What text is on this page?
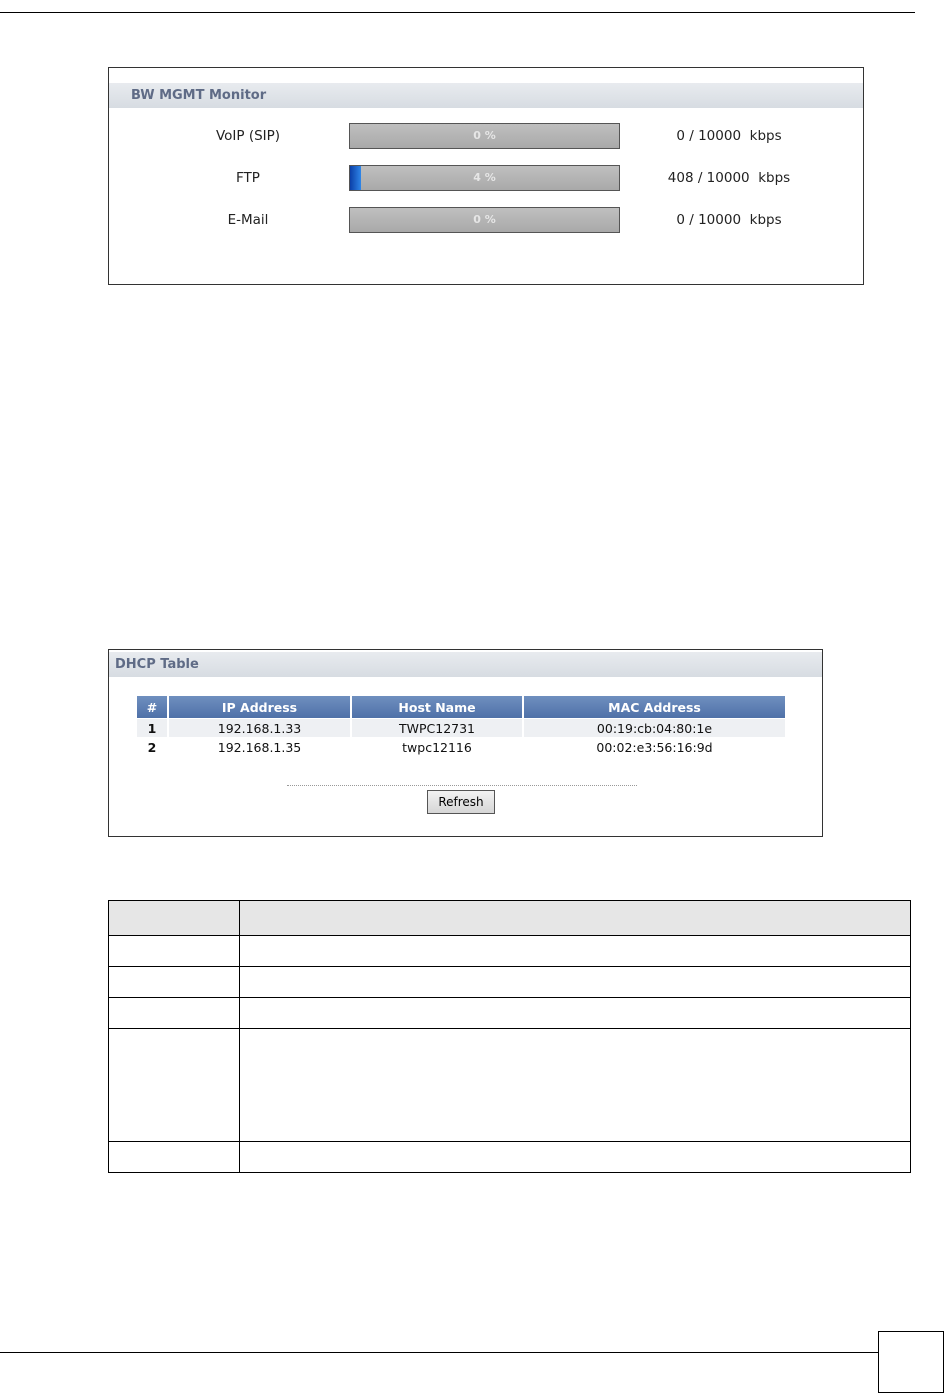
BW MGMT Monitor
VoIP (SIP)	0 %	0 / 10000  kbps
FTP	4 %	408 / 10000  kbps
E-Mail	0 %	0 / 10000  kbps
DHCP Table
#	IP Address	Host Name	MAC Address
1	192.168.1.33	TWPC12731	00:19:cb:04:80:1e
2	192.168.1.35	twpc12116	00:02:e3:56:16:9d
Refresh
